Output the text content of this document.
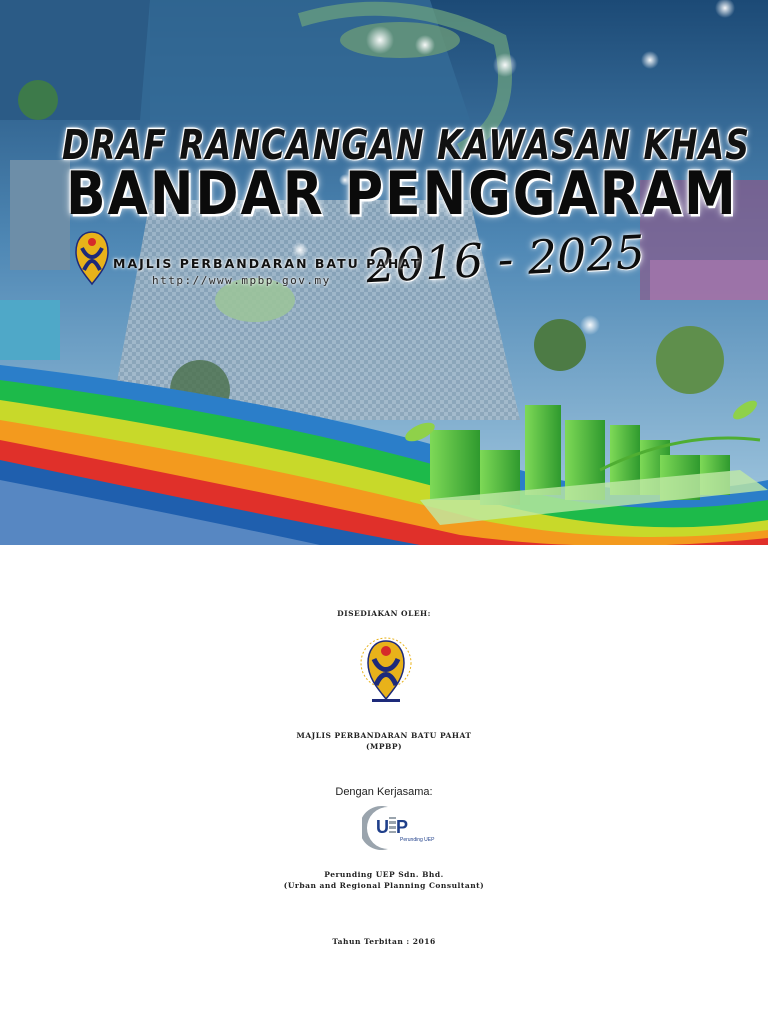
DRAF RANCANGAN KAWASAN KHAS
BANDAR PENGGARAM
2016 - 2025
MAJLIS PERBANDARAN BATU PAHAT
http://www.mpbp.gov.my
DISEDIAKAN OLEH:
MAJLIS PERBANDARAN BATU PAHAT
(MPBP)
Dengan Kerjasama:
U P
Perunding UEP
Perunding UEP Sdn. Bhd.
(Urban and Regional Planning Consultant)
Tahun Terbitan : 2016
